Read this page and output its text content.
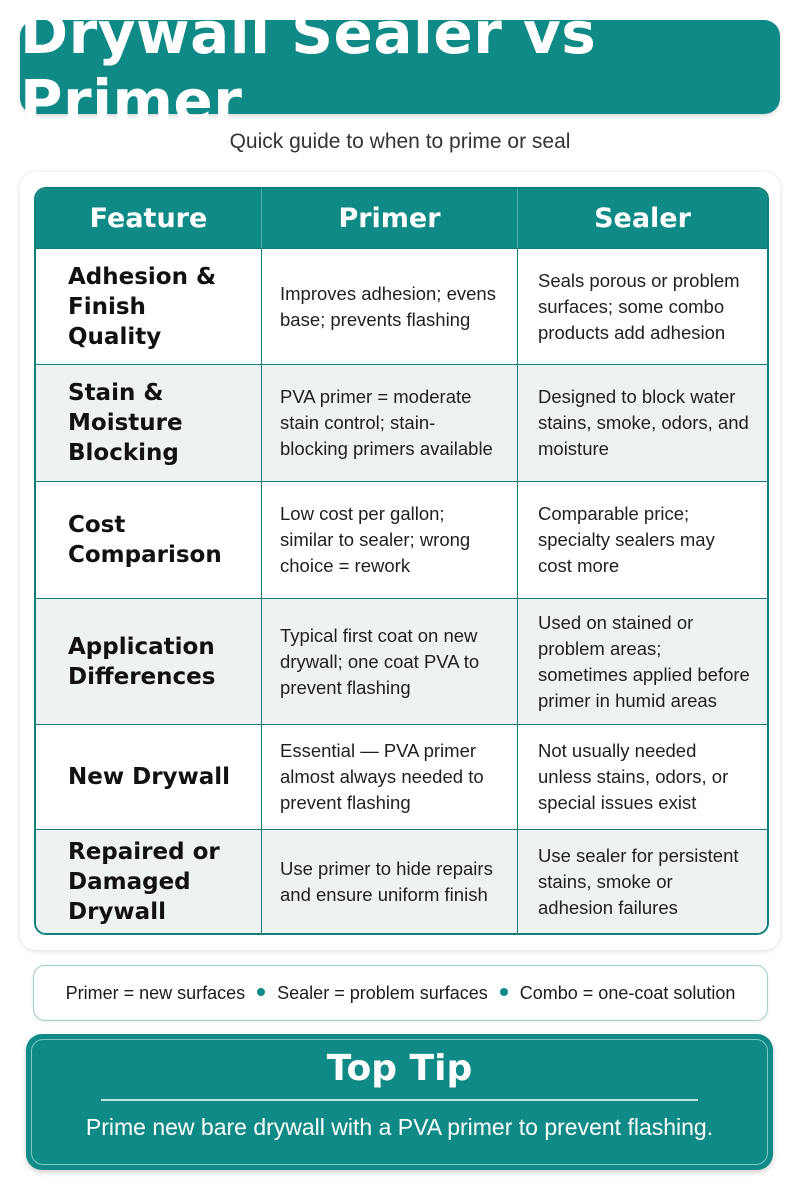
Drywall Sealer vs Primer
Quick guide to when to prime or seal
Feature	Primer	Sealer
Adhesion & Finish Quality	Improves adhesion; evens base; prevents flashing	Seals porous or problem surfaces; some combo products add adhesion
Stain & Moisture Blocking	PVA primer = moderate stain control; stain-blocking primers available	Designed to block water stains, smoke, odors, and moisture
Cost Comparison	Low cost per gallon; similar to sealer; wrong choice = rework	Comparable price; specialty sealers may cost more
Application Differences	Typical first coat on new drywall; one coat PVA to prevent flashing	Used on stained or problem areas; sometimes applied before primer in humid areas
New Drywall	Essential — PVA primer almost always needed to prevent flashing	Not usually needed unless stains, odors, or special issues exist
Repaired or Damaged Drywall	Use primer to hide repairs and ensure uniform finish	Use sealer for persistent stains, smoke or adhesion failures
Primer = new surfaces Sealer = problem surfaces Combo = one-coat solution
Top Tip
Prime new bare drywall with a PVA primer to prevent flashing.
